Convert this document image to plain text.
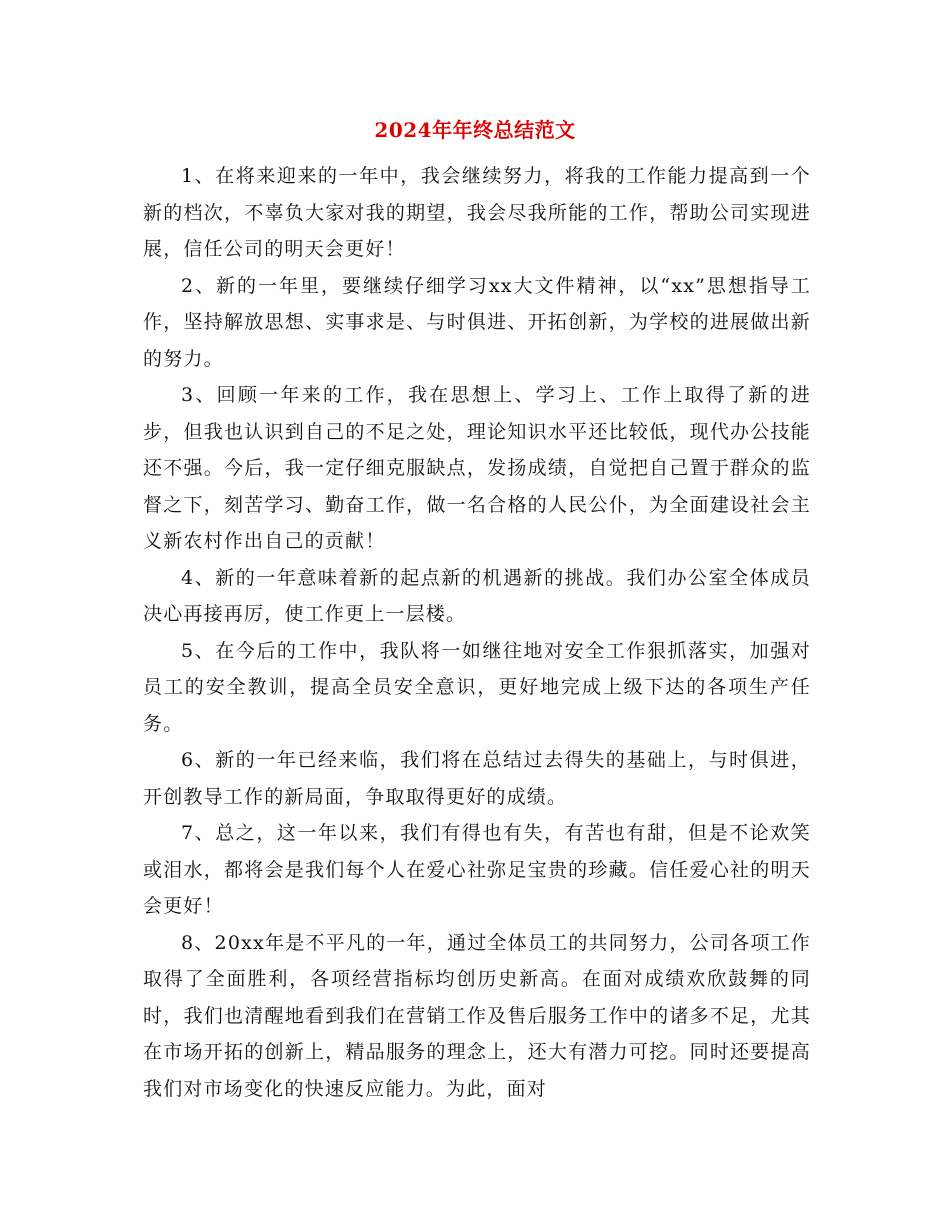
2024年年终总结范文

1、在将来迎来的一年中，我会继续努力，将我的工作能力提高到一个新的档次，不辜负大家对我的期望，我会尽我所能的工作，帮助公司实现进展，信任公司的明天会更好！

2、新的一年里，要继续仔细学习xx大文件精神，以“xx”思想指导工作，坚持解放思想、实事求是、与时俱进、开拓创新，为学校的进展做出新的努力。

3、回顾一年来的工作，我在思想上、学习上、工作上取得了新的进步，但我也认识到自己的不足之处，理论知识水平还比较低，现代办公技能还不强。今后，我一定仔细克服缺点，发扬成绩，自觉把自己置于群众的监督之下，刻苦学习、勤奋工作，做一名合格的人民公仆，为全面建设社会主义新农村作出自己的贡献！

4、新的一年意味着新的起点新的机遇新的挑战。我们办公室全体成员决心再接再厉，使工作更上一层楼。

5、在今后的工作中，我队将一如继往地对安全工作狠抓落实，加强对员工的安全教训，提高全员安全意识，更好地完成上级下达的各项生产任务。

6、新的一年已经来临，我们将在总结过去得失的基础上，与时俱进，开创教导工作的新局面，争取取得更好的成绩。

7、总之，这一年以来，我们有得也有失，有苦也有甜，但是不论欢笑或泪水，都将会是我们每个人在爱心社弥足宝贵的珍藏。信任爱心社的明天会更好！

8、20xx年是不平凡的一年，通过全体员工的共同努力，公司各项工作取得了全面胜利，各项经营指标均创历史新高。在面对成绩欢欣鼓舞的同时，我们也清醒地看到我们在营销工作及售后服务工作中的诸多不足，尤其在市场开拓的创新上，精品服务的理念上，还大有潜力可挖。同时还要提高我们对市场变化的快速反应能力。为此，面对
